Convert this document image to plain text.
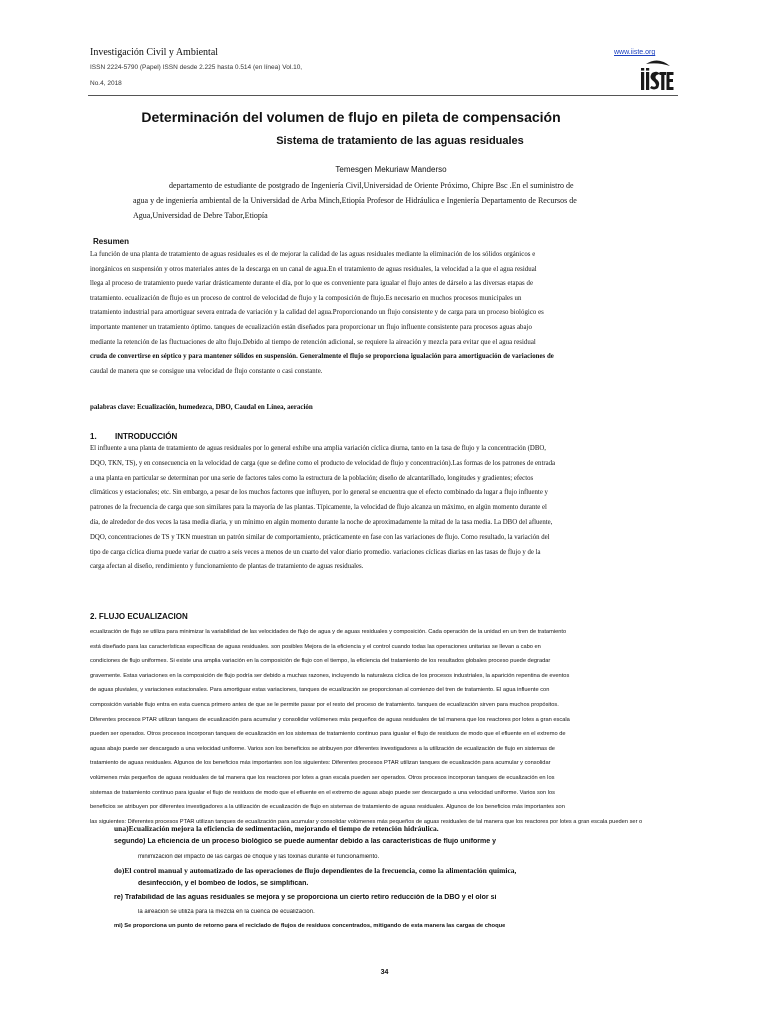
Investigación Civil y Ambiental
ISSN 2224-5790 (Papel) ISSN desde 2.225 hasta 0.514 (en línea) Vol.10,
No.4, 2018
www.iiste.org
Determinación del volumen de flujo en pileta de compensación
Sistema de tratamiento de las aguas residuales
Temesgen Mekuriaw Manderso
departamento de estudiante de postgrado de Ingeniería Civil,Universidad de Oriente Próximo, Chipre Bsc .En el suministro de
agua y de ingeniería ambiental de la Universidad de Arba Minch,Etiopía Profesor de Hidráulica e Ingeniería Departamento de Recursos de
Agua,Universidad de Debre Tabor,Etiopía
Resumen
La función de una planta de tratamiento de aguas residuales es el de mejorar la calidad de las aguas residuales mediante la eliminación de los sólidos orgánicos e
inorgánicos en suspensión y otros materiales antes de la descarga en un canal de agua.En el tratamiento de aguas residuales, la velocidad a la que el agua residual
llega al proceso de tratamiento puede variar drásticamente durante el día, por lo que es conveniente para igualar el flujo antes de dárselo a las diversas etapas de
tratamiento. ecualización de flujo es un proceso de control de velocidad de flujo y la composición de flujo.Es necesario en muchos procesos municipales un
tratamiento industrial para amortiguar severa entrada de variación y la calidad del agua.Proporcionando un flujo consistente y de carga para un proceso biológico es
importante mantener un tratamiento óptimo. tanques de ecualización están diseñados para proporcionar un flujo influente consistente para procesos aguas abajo
mediante la retención de las fluctuaciones de alto flujo.Debido al tiempo de retención adicional, se requiere la aireación y mezcla para evitar que el agua residual
cruda de convertirse en séptico y para mantener sólidos en suspensión. Generalmente el flujo se proporciona igualación para amortiguación de variaciones de
caudal de manera que se consigue una velocidad de flujo constante o casi constante.
palabras clave: Ecualización, humedezca, DBO, Caudal en Línea, aeración
1. INTRODUCCIÓN
El influente a una planta de tratamiento de aguas residuales por lo general exhibe una amplia variación cíclica diurna, tanto en la tasa de flujo y la concentración (DBO,
DQO, TKN, TS), y en consecuencia en la velocidad de carga (que se define como el producto de velocidad de flujo y concentración).Las formas de los patrones de entrada
a una planta en particular se determinan por una serie de factores tales como la estructura de la población; diseño de alcantarillado, longitudes y gradientes; efectos
climáticos y estacionales; etc. Sin embargo, a pesar de los muchos factores que influyen, por lo general se encuentra que el efecto combinado da lugar a flujo influente y
patrones de la frecuencia de carga que son similares para la mayoría de las plantas. Típicamente, la velocidad de flujo alcanza un máximo, en algún momento durante el
día, de alrededor de dos veces la tasa media diaria, y un mínimo en algún momento durante la noche de aproximadamente la mitad de la tasa media. La DBO del afluente,
DQO, concentraciones de TS y TKN muestran un patrón similar de comportamiento, prácticamente en fase con las variaciones de flujo. Como resultado, la variación del
tipo de carga cíclica diurna puede variar de cuatro a seis veces a menos de un cuarto del valor diario promedio. variaciones cíclicas diarias en las tasas de flujo y de la
carga afectan al diseño, rendimiento y funcionamiento de plantas de tratamiento de aguas residuales.
2. FLUJO ECUALIZACION
ecualización de flujo se utiliza para minimizar la variabilidad de las velocidades de flujo de agua y de aguas residuales y composición. Cada operación de la unidad en un tren de tratamiento
está diseñado para las características específicas de aguas residuales. son posibles Mejora de la eficiencia y el control cuando todas las operaciones unitarias se llevan a cabo en
condiciones de flujo uniformes. Si existe una amplia variación en la composición de flujo con el tiempo, la eficiencia del tratamiento de los resultados globales proceso puede degradar
gravemente. Estas variaciones en la composición de flujo podría ser debido a muchas razones, incluyendo la naturaleza cíclica de los procesos industriales, la aparición repentina de eventos
de aguas pluviales, y variaciones estacionales. Para amortiguar estas variaciones, tanques de ecualización se proporcionan al comienzo del tren de tratamiento. El agua influente con
composición variable flujo entra en esta cuenca primero antes de que se le permite pasar por el resto del proceso de tratamiento. tanques de ecualización sirven para muchos propósitos.
Diferentes procesos PTAR utilizan tanques de ecualización para acumular y consolidar volúmenes más pequeños de aguas residuales de tal manera que los reactores por lotes a gran escala
pueden ser operados. Otros procesos incorporan tanques de ecualización en los sistemas de tratamiento continuo para igualar el flujo de residuos de modo que el efluente en el extremo de
aguas abajo puede ser descargado a una velocidad uniforme. Varios son los beneficios se atribuyen por diferentes investigadores a la utilización de ecualización de flujo en sistemas de
tratamiento de aguas residuales. Algunos de los beneficios más importantes son los siguientes: Diferentes procesos PTAR utilizan tanques de ecualización para acumular y consolidar
volúmenes más pequeños de aguas residuales de tal manera que los reactores por lotes a gran escala pueden ser operados. Otros procesos incorporan tanques de ecualización en los
sistemas de tratamiento continuo para igualar el flujo de residuos de modo que el efluente en el extremo de aguas abajo puede ser descargado a una velocidad uniforme. Varios son los
beneficios se atribuyen por diferentes investigadores a la utilización de ecualización de flujo en sistemas de tratamiento de aguas residuales. Algunos de los beneficios más importantes son
las siguientes: Diferentes procesos PTAR utilizan tanques de ecualización para acumular y consolidar volúmenes más pequeños de aguas residuales de tal manera que los reactores por lotes a gran escala pueden ser o
una)Ecualización mejora la eficiencia de sedimentación, mejorando el tiempo de retención hidráulica.
segundo) La eficiencia de un proceso biológico se puede aumentar debido a las características de flujo uniforme y
minimización del impacto de las cargas de choque y las toxinas durante el funcionamiento.
do)El control manual y automatizado de las operaciones de flujo dependientes de la frecuencia, como la alimentación química,
desinfección, y el bombeo de lodos, se simplifican.
re) Trafabilidad de las aguas residuales se mejora y se proporciona un cierto retiro reducción de la DBO y el olor si
la aireación se utiliza para la mezcla en la cuenca de ecualización.
mi) Se proporciona un punto de retorno para el reciclado de flujos de residuos concentrados, mitigando de esta manera las cargas de choque
34
